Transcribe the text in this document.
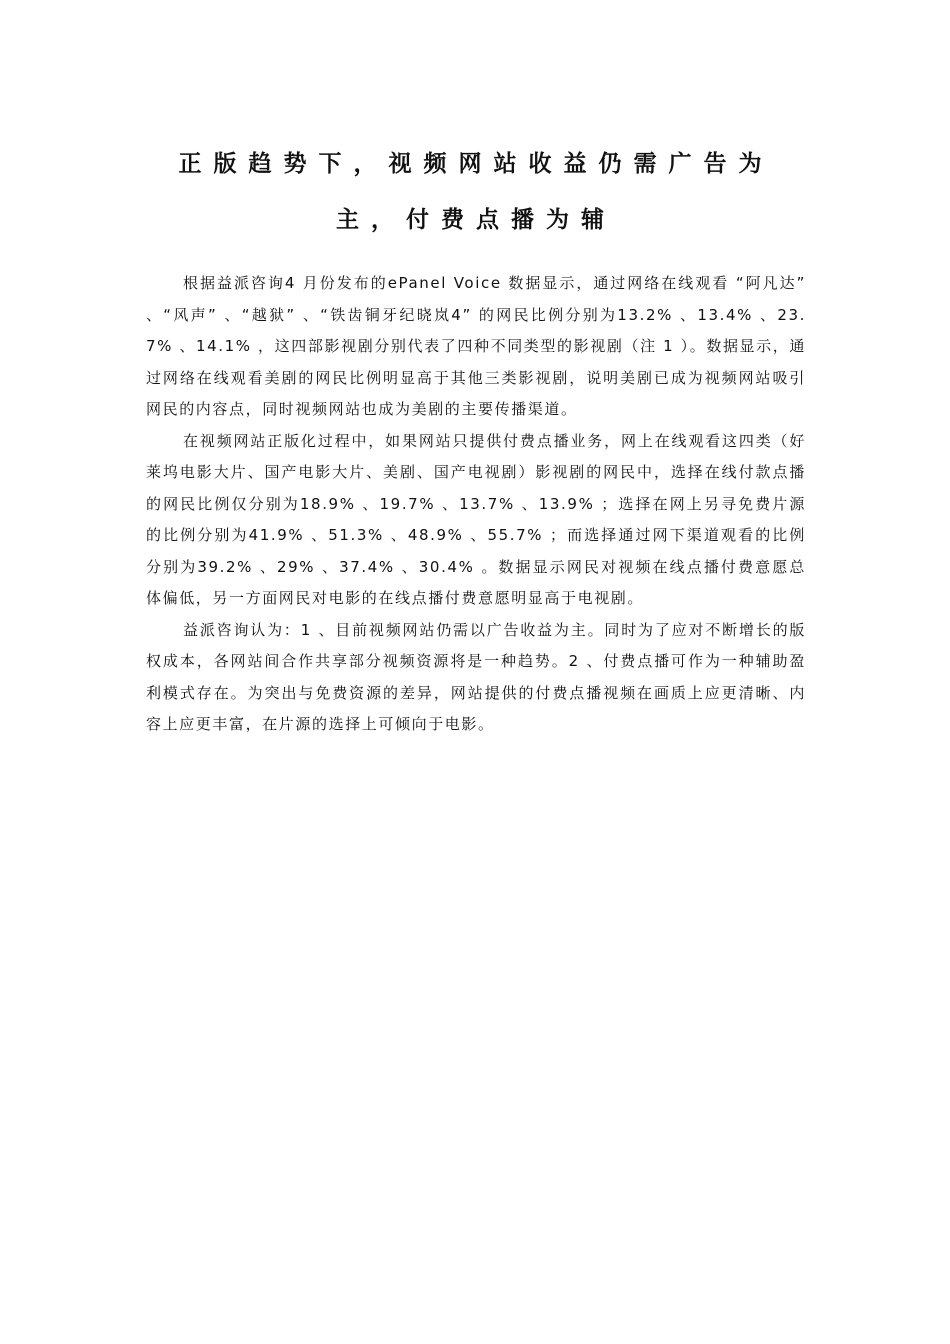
正版趋势下，视频网站收益仍需广告为
主，付费点播为辅

根据益派咨询4 月份发布的ePanel Voice 数据显示，通过网络在线观看 “阿凡达” 、“风声” 、“越狱” 、“铁齿铜牙纪晓岚4” 的网民比例分别为13.2% 、13.4% 、23.7% 、14.1% ，这四部影视剧分别代表了四种不同类型的影视剧（注 1 ）。数据显示，通过网络在线观看美剧的网民比例明显高于其他三类影视剧，说明美剧已成为视频网站吸引网民的内容点，同时视频网站也成为美剧的主要传播渠道。

在视频网站正版化过程中，如果网站只提供付费点播业务，网上在线观看这四类（好莱坞电影大片、国产电影大片、美剧、国产电视剧）影视剧的网民中，选择在线付款点播的网民比例仅分别为18.9% 、19.7% 、13.7% 、13.9% ；选择在网上另寻免费片源的比例分别为41.9% 、51.3% 、48.9% 、55.7% ；而选择通过网下渠道观看的比例分别为39.2% 、29% 、37.4% 、30.4% 。数据显示网民对视频在线点播付费意愿总体偏低，另一方面网民对电影的在线点播付费意愿明显高于电视剧。

益派咨询认为：1 、目前视频网站仍需以广告收益为主。同时为了应对不断增长的版权成本，各网站间合作共享部分视频资源将是一种趋势。2 、付费点播可作为一种辅助盈利模式存在。为突出与免费资源的差异，网站提供的付费点播视频在画质上应更清晰、内容上应更丰富，在片源的选择上可倾向于电影。
